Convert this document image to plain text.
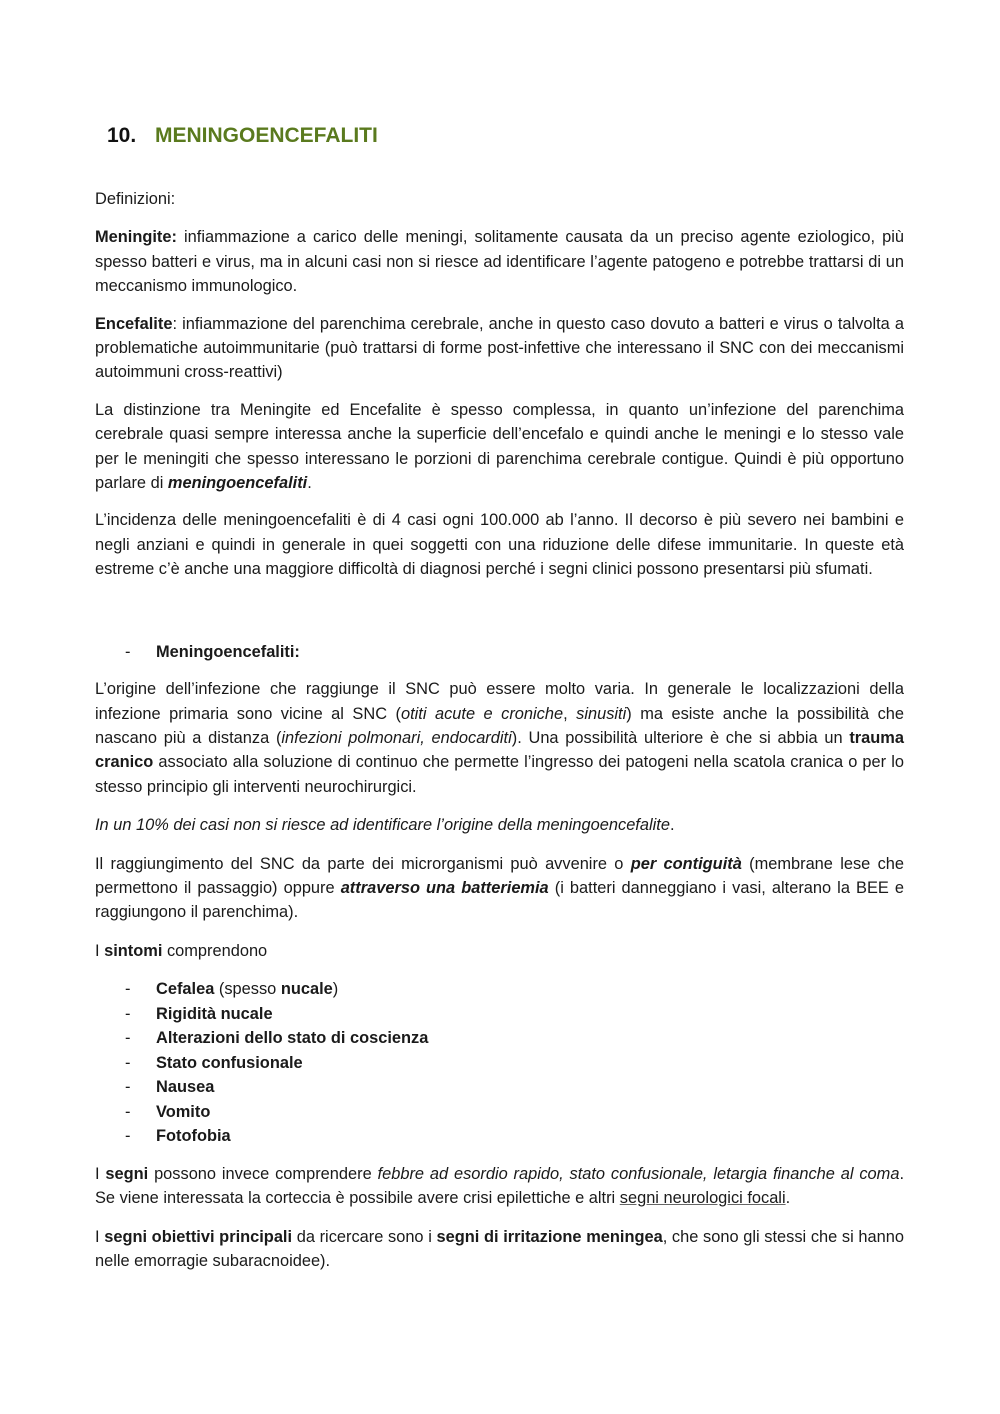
10. MENINGOENCEFALITI

Definizioni:

Meningite: infiammazione a carico delle meningi, solitamente causata da un preciso agente eziologico, più spesso batteri e virus, ma in alcuni casi non si riesce ad identificare l’agente patogeno e potrebbe trattarsi di un meccanismo immunologico.

Encefalite: infiammazione del parenchima cerebrale, anche in questo caso dovuto a batteri e virus o talvolta a problematiche autoimmunitarie (può trattarsi di forme post-infettive che interessano il SNC con dei meccanismi autoimmuni cross-reattivi)

La distinzione tra Meningite ed Encefalite è spesso complessa, in quanto un’infezione del parenchima cerebrale quasi sempre interessa anche la superficie dell’encefalo e quindi anche le meningi e lo stesso vale per le meningiti che spesso interessano le porzioni di parenchima cerebrale contigue. Quindi è più opportuno parlare di meningoencefaliti.

L’incidenza delle meningoencefaliti è di 4 casi ogni 100.000 ab l’anno. Il decorso è più severo nei bambini e negli anziani e quindi in generale in quei soggetti con una riduzione delle difese immunitarie. In queste età estreme c’è anche una maggiore difficoltà di diagnosi perché i segni clinici possono presentarsi più sfumati.

- Meningoencefaliti:

L’origine dell’infezione che raggiunge il SNC può essere molto varia. In generale le localizzazioni della infezione primaria sono vicine al SNC (otiti acute e croniche, sinusiti) ma esiste anche la possibilità che nascano più a distanza (infezioni polmonari, endocarditi). Una possibilità ulteriore è che si abbia un trauma cranico associato alla soluzione di continuo che permette l’ingresso dei patogeni nella scatola cranica o per lo stesso principio gli interventi neurochirurgici.

In un 10% dei casi non si riesce ad identificare l’origine della meningoencefalite.

Il raggiungimento del SNC da parte dei microrganismi può avvenire o per contiguità (membrane lese che permettono il passaggio) oppure attraverso una batteriemia (i batteri danneggiano i vasi, alterano la BEE e raggiungono il parenchima).

I sintomi comprendono

- Cefalea (spesso nucale)
- Rigidità nucale
- Alterazioni dello stato di coscienza
- Stato confusionale
- Nausea
- Vomito
- Fotofobia

I segni possono invece comprendere febbre ad esordio rapido, stato confusionale, letargia finanche al coma. Se viene interessata la corteccia è possibile avere crisi epilettiche e altri segni neurologici focali.

I segni obiettivi principali da ricercare sono i segni di irritazione meningea, che sono gli stessi che si hanno nelle emorragie subaracnoidee).
